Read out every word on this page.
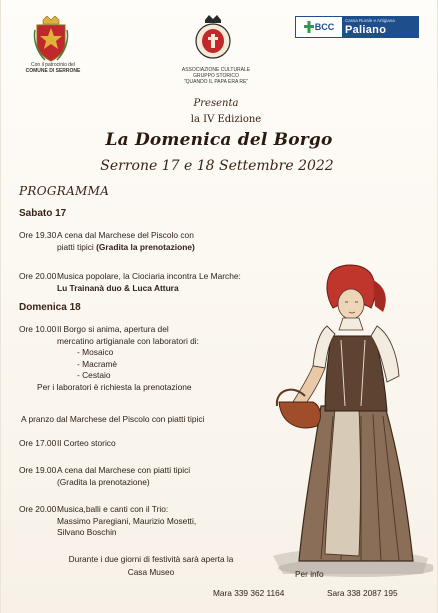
Con il patrocinio del
COMUNE DI SERRONE	ASSOCIAZIONE CULTURALE
GRUPPO STORICO
"QUANDO IL PAPA ERA RE"
BCC
Cassa Rurale e Artigiana
Paliano
Presenta
la IV Edizione
La Domenica del Borgo
Serrone 17 e 18 Settembre 2022
PROGRAMMA
Sabato 17
Ore 19.30A cena dal Marchese del Piscolo con
piatti tipici (Gradita la prenotazione)
Ore 20.00Musica popolare, la Ciociaria incontra Le Marche:
Lu Trainanà duo & Luca Attura
Domenica 18
Ore 10.00Il Borgo si anima, apertura del
mercatino artigianale con laboratori di:
- Mosaico
- Macramè
- Cestaio
Per i laboratori è richiesta la prenotazione
A pranzo dal Marchese del Piscolo con piatti tipici
Ore 17.00Il Corteo storico
Ore 19.00A cena dal Marchese con piatti tipici
(Gradita la prenotazione)
Ore 20.00Musica,balli e canti con il Trio:
Massimo Paregiani, Maurizio Mosetti,
Silvano Boschin
Durante i due giorni di festività sarà aperta la
Casa Museo	Per info
Mara 339 362 1164	Sara 338 2087 195
